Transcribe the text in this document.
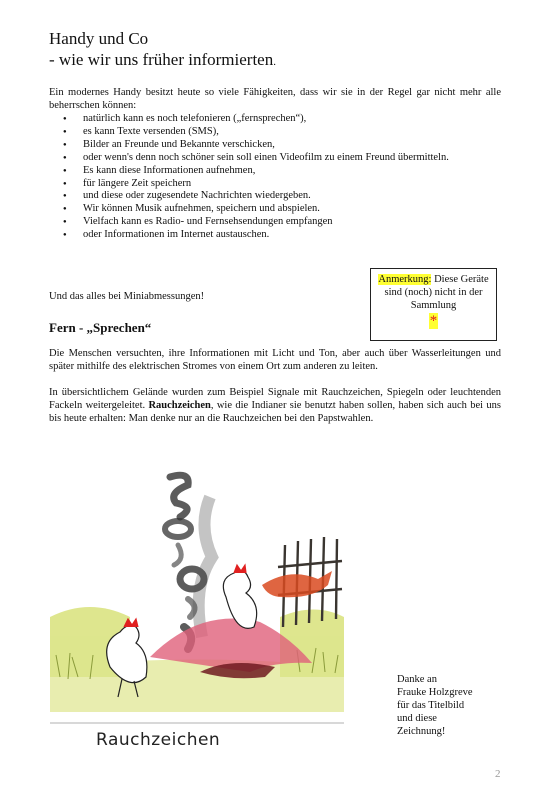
Handy und Co
- wie wir uns früher informierten.

Ein modernes Handy besitzt heute so viele Fähigkeiten, dass wir sie in der Regel gar nicht mehr alle beherrschen können:

● natürlich kann es noch telefonieren („fernsprechen“),
● es kann Texte versenden (SMS),
● Bilder an Freunde und Bekannte verschicken,
● oder wenn's denn noch schöner sein soll einen Videofilm zu einem Freund übermitteln.
● Es kann diese Informationen aufnehmen,
● für längere Zeit speichern
● und diese oder zugesendete Nachrichten wiedergeben.
● Wir können Musik aufnehmen, speichern und abspielen.
● Vielfach kann es Radio- und Fernsehsendungen empfangen
● oder Informationen im Internet austauschen.
Anmerkung: Diese Geräte sind (noch) nicht in der Sammlung
*

Und das alles bei Miniabmessungen!

Fern - „Sprechen“

Die Menschen versuchten, ihre Informationen mit Licht und Ton, aber auch über Wasserleitungen und später mithilfe des elektrischen Stromes von einem Ort zum anderen zu leiten.

In übersichtlichem Gelände wurden zum Beispiel Signale mit Rauchzeichen, Spiegeln oder leuchtenden Fackeln weitergeleitet. Rauchzeichen, wie die Indianer sie benutzt haben sollen, haben sich auch bei uns bis heute erhalten: Man denke nur an die Rauchzeichen bei den Papstwahlen.

Rauchzeichen

Danke an
Frauke Holzgreve
für das Titelbild
und diese
Zeichnung!

2
